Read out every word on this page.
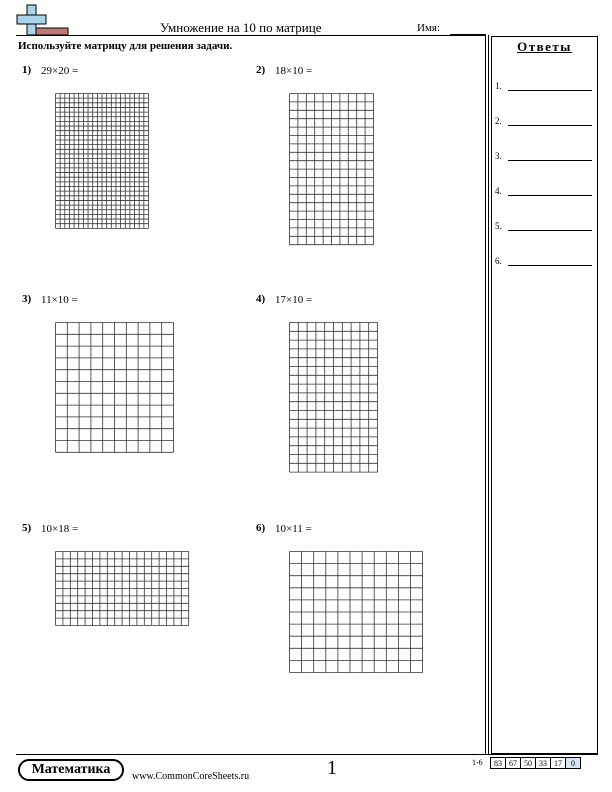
Умножение на 10 по матрице	Имя:
Используйте матрицу для решения задачи.
1) 29×20 =	2) 18×10 =
3) 11×10 =	4) 17×10 =
5) 10×18 =	6) 10×11 =
Ответы
1.
2.
3.
4.
5.
6.
Математика	www.CommonCoreSheets.ru	1	1-6	83 67 50 33 17	0
